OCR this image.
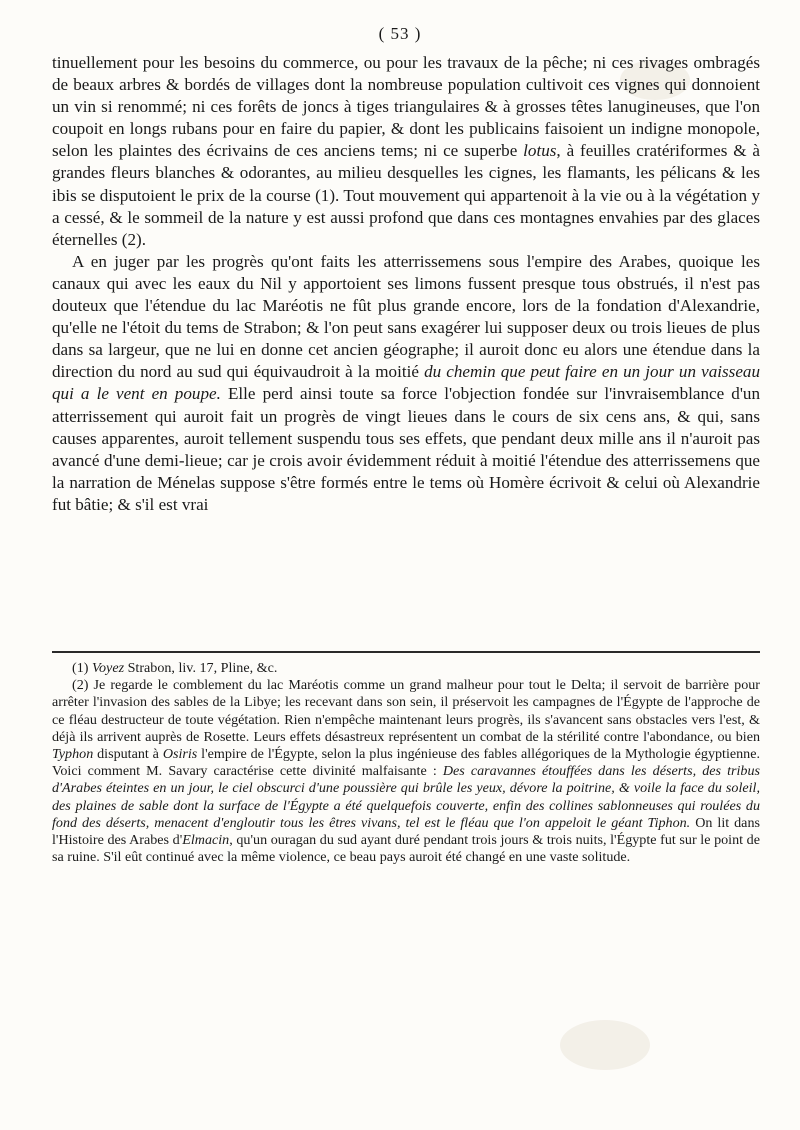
( 53 )

tinuellement pour les besoins du commerce, ou pour les travaux de la pêche; ni ces rivages ombragés de beaux arbres & bordés de villages dont la nombreuse population cultivoit ces vignes qui donnoient un vin si renommé; ni ces forêts de joncs à tiges triangulaires & à grosses têtes lanugineuses, que l'on coupoit en longs rubans pour en faire du papier, & dont les publicains faisoient un indigne monopole, selon les plaintes des écrivains de ces anciens tems; ni ce superbe lotus, à feuilles cratériformes & à grandes fleurs blanches & odorantes, au milieu desquelles les cignes, les flamants, les pélicans & les ibis se disputoient le prix de la course (1). Tout mouvement qui appartenoit à la vie ou à la végétation y a cessé, & le sommeil de la nature y est aussi profond que dans ces montagnes envahies par des glaces éternelles (2).

A en juger par les progrès qu'ont faits les atterrissemens sous l'empire des Arabes, quoique les canaux qui avec les eaux du Nil y apportoient ses limons fussent presque tous obstrués, il n'est pas douteux que l'étendue du lac Maréotis ne fût plus grande encore, lors de la fondation d'Alexandrie, qu'elle ne l'étoit du tems de Strabon; & l'on peut sans exagérer lui supposer deux ou trois lieues de plus dans sa largeur, que ne lui en donne cet ancien géographe; il auroit donc eu alors une étendue dans la direction du nord au sud qui équivaudroit à la moitié du chemin que peut faire en un jour un vaisseau qui a le vent en poupe. Elle perd ainsi toute sa force l'objection fondée sur l'invraisemblance d'un atterrissement qui auroit fait un progrès de vingt lieues dans le cours de six cens ans, & qui, sans causes apparentes, auroit tellement suspendu tous ses effets, que pendant deux mille ans il n'auroit pas avancé d'une demi-lieue; car je crois avoir évidemment réduit à moitié l'étendue des atterrissemens que la narration de Ménelas suppose s'être formés entre le tems où Homère écrivoit & celui où Alexandrie fut bâtie; & s'il est vrai

(1) Voyez Strabon, liv. 17, Pline, &c.

(2) Je regarde le comblement du lac Maréotis comme un grand malheur pour tout le Delta; il servoit de barrière pour arrêter l'invasion des sables de la Libye; les recevant dans son sein, il préservoit les campagnes de l'Égypte de l'approche de ce fléau destructeur de toute végétation. Rien n'empêche maintenant leurs progrès, ils s'avancent sans obstacles vers l'est, & déjà ils arrivent auprès de Rosette. Leurs effets désastreux représentent un combat de la stérilité contre l'abondance, ou bien Typhon disputant à Osiris l'empire de l'Égypte, selon la plus ingénieuse des fables allégoriques de la Mythologie égyptienne. Voici comment M. Savary caractérise cette divinité malfaisante : Des caravannes étouffées dans les déserts, des tribus d'Arabes éteintes en un jour, le ciel obscurci d'une poussière qui brûle les yeux, dévore la poitrine, & voile la face du soleil, des plaines de sable dont la surface de l'Égypte a été quelquefois couverte, enfin des collines sablonneuses qui roulées du fond des déserts, menacent d'engloutir tous les êtres vivans, tel est le fléau que l'on appeloit le géant Tiphon. On lit dans l'Histoire des Arabes d'Elmacin, qu'un ouragan du sud ayant duré pendant trois jours & trois nuits, l'Égypte fut sur le point de sa ruine. S'il eût continué avec la même violence, ce beau pays auroit été changé en une vaste solitude.
